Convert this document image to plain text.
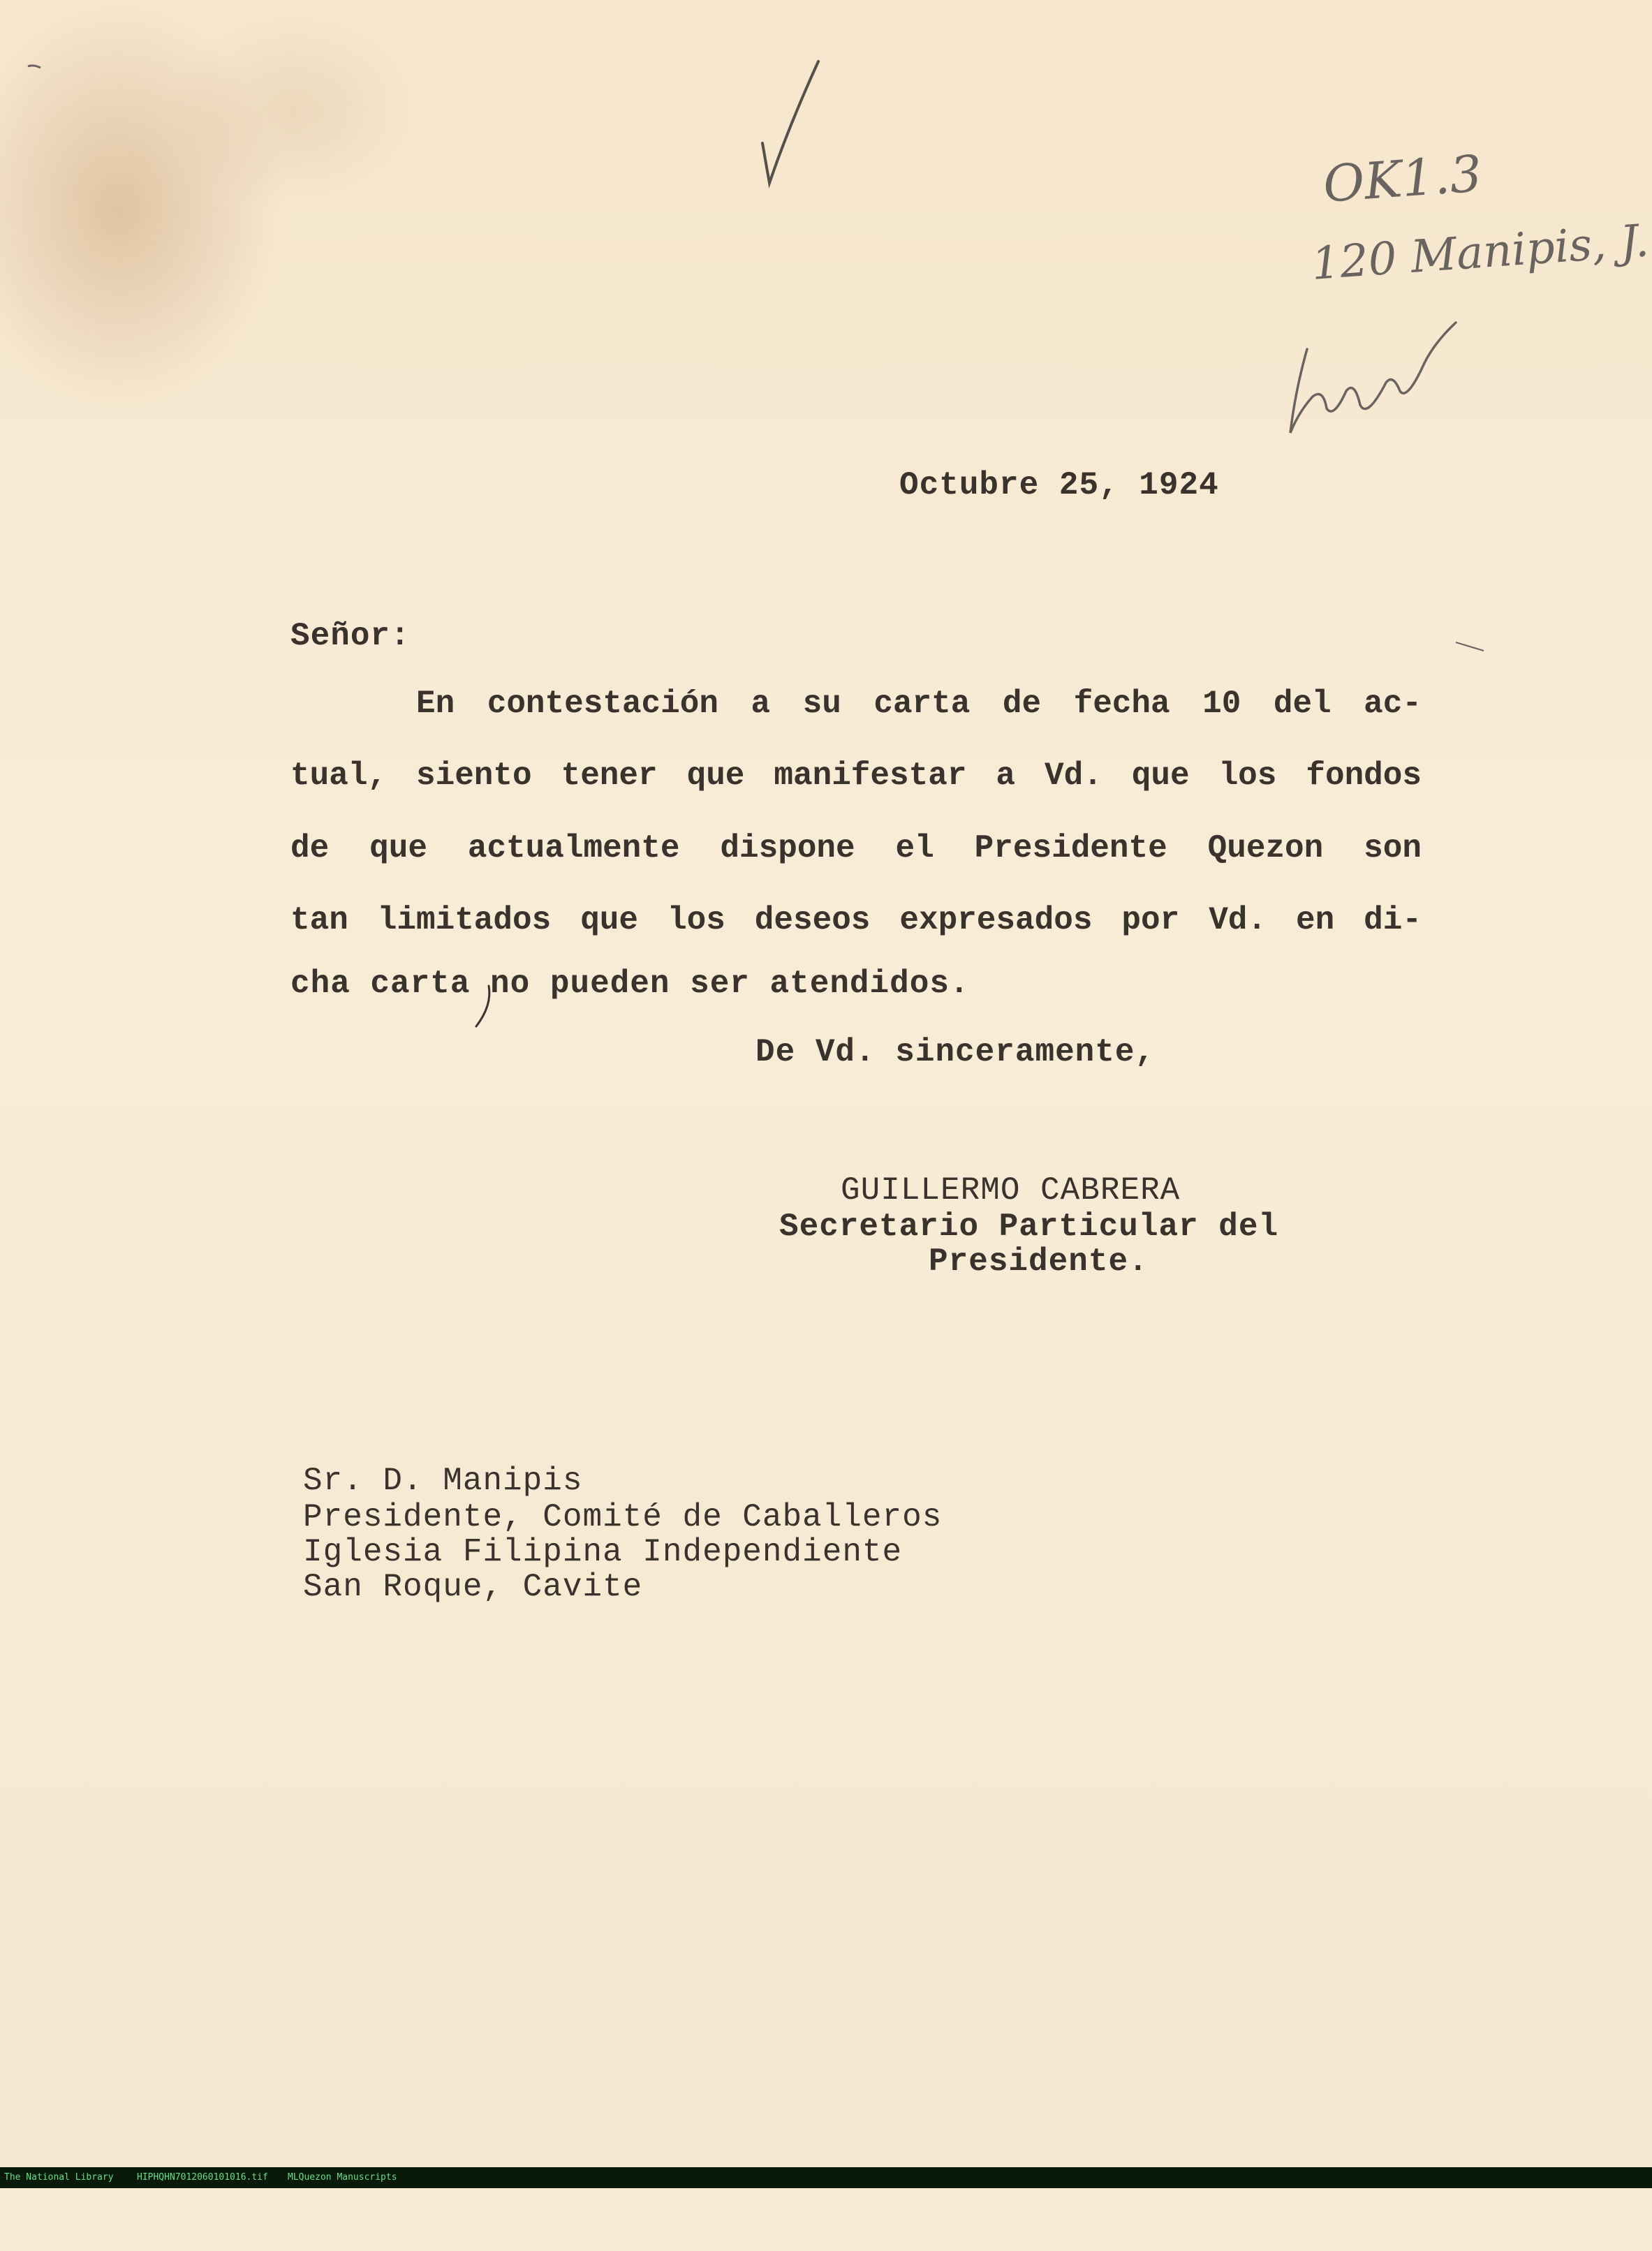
OK1.3
120 Manipis, J.
Octubre 25, 1924
Señor:
En contestación a su carta de fecha 10 del ac-
tual, siento tener que manifestar a Vd. que los fondos
de que actualmente dispone el Presidente Quezon son
tan limitados que los deseos expresados por Vd. en di-
cha carta no pueden ser atendidos.
De Vd. sinceramente,
GUILLERMO CABRERA
Secretario Particular del
Presidente.
Sr. D. Manipis
Presidente, Comité de Caballeros
Iglesia Filipina Independiente
San Roque, Cavite

The National Library

	HIPHQHN7012060101016.tif

MLQuezon Manuscripts
